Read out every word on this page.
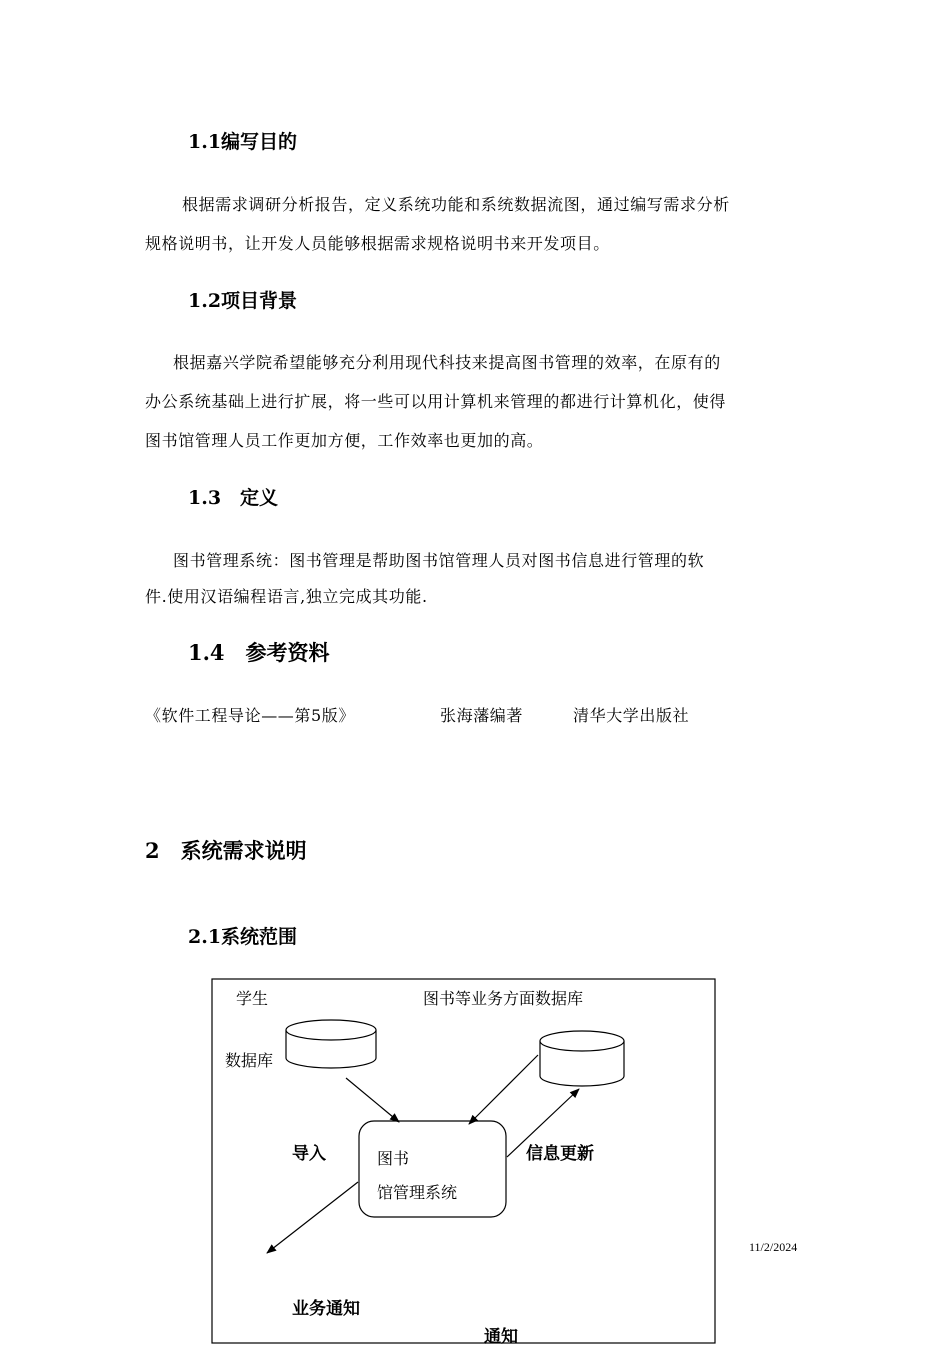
1.1编写目的
根据需求调研分析报告，定义系统功能和系统数据流图，通过编写需求分析
规格说明书，让开发人员能够根据需求规格说明书来开发项目。
1.2项目背景
根据嘉兴学院希望能够充分利用现代科技来提高图书管理的效率，在原有的
办公系统基础上进行扩展，将一些可以用计算机来管理的都进行计算机化，使得
图书馆管理人员工作更加方便，工作效率也更加的高。
1.3　定义
图书管理系统：图书管理是帮助图书馆管理人员对图书信息进行管理的软
件.使用汉语编程语言,独立完成其功能.
1.4　参考资料
《软件工程导论——第5版》	张海藩编著	清华大学出版社
2　系统需求说明
2.1系统范围
学生	图书等业务方面数据库
数据库
导入	信息更新
图书
馆管理系统
业务通知
通知
11/2/2024
